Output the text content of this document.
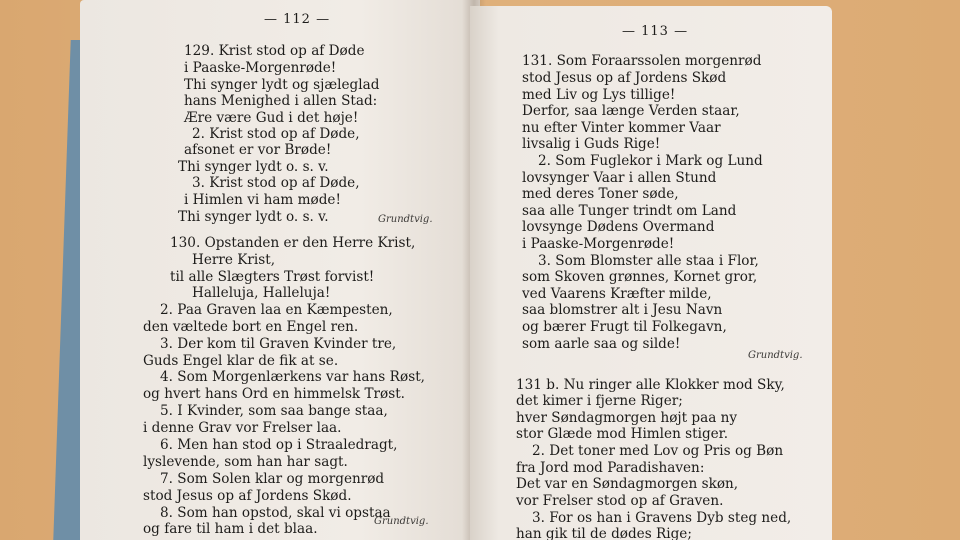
— 112 —
129. Krist stod op af Døde
i Paaske-Morgenrøde!
Thi synger lydt og sjæleglad
hans Menighed i allen Stad:
Ære være Gud i det høje!
2. Krist stod op af Døde,
afsonet er vor Brøde!
Thi synger lydt o. s. v.
3. Krist stod op af Døde,
i Himlen vi ham møde!
Thi synger lydt o. s. v.	Grundtvig.
130. Opstanden er den Herre Krist,
Herre Krist,
til alle Slægters Trøst forvist!
Halleluja, Halleluja!
2. Paa Graven laa en Kæmpesten,
den væltede bort en Engel ren.
3. Der kom til Graven Kvinder tre,
Guds Engel klar de fik at se.
4. Som Morgenlærkens var hans Røst,
og hvert hans Ord en himmelsk Trøst.
5. I Kvinder, som saa bange staa,
i denne Grav vor Frelser laa.
6. Men han stod op i Straaledragt,
lyslevende, som han har sagt.
7. Som Solen klar og morgenrød
stod Jesus op af Jordens Skød.
8. Som han opstod, skal vi opstaa
og fare til ham i det blaa.	Grundtvig.
— 113 —
131. Som Foraarssolen morgenrød
stod Jesus op af Jordens Skød
med Liv og Lys tillige!
Derfor, saa længe Verden staar,
nu efter Vinter kommer Vaar
livsalig i Guds Rige!
2. Som Fuglekor i Mark og Lund
lovsynger Vaar i allen Stund
med deres Toner søde,
saa alle Tunger trindt om Land
lovsynge Dødens Overmand
i Paaske-Morgenrøde!
3. Som Blomster alle staa i Flor,
som Skoven grønnes, Kornet gror,
ved Vaarens Kræfter milde,
saa blomstrer alt i Jesu Navn
og bærer Frugt til Folkegavn,
som aarle saa og silde!
Grundtvig.
131 b. Nu ringer alle Klokker mod Sky,
det kimer i fjerne Riger;
hver Søndagmorgen højt paa ny
stor Glæde mod Himlen stiger.
2. Det toner med Lov og Pris og Bøn
fra Jord mod Paradishaven:
Det var en Søndagmorgen skøn,
vor Frelser stod op af Graven.
3. For os han i Gravens Dyb steg ned,
han gik til de dødes Rige;
